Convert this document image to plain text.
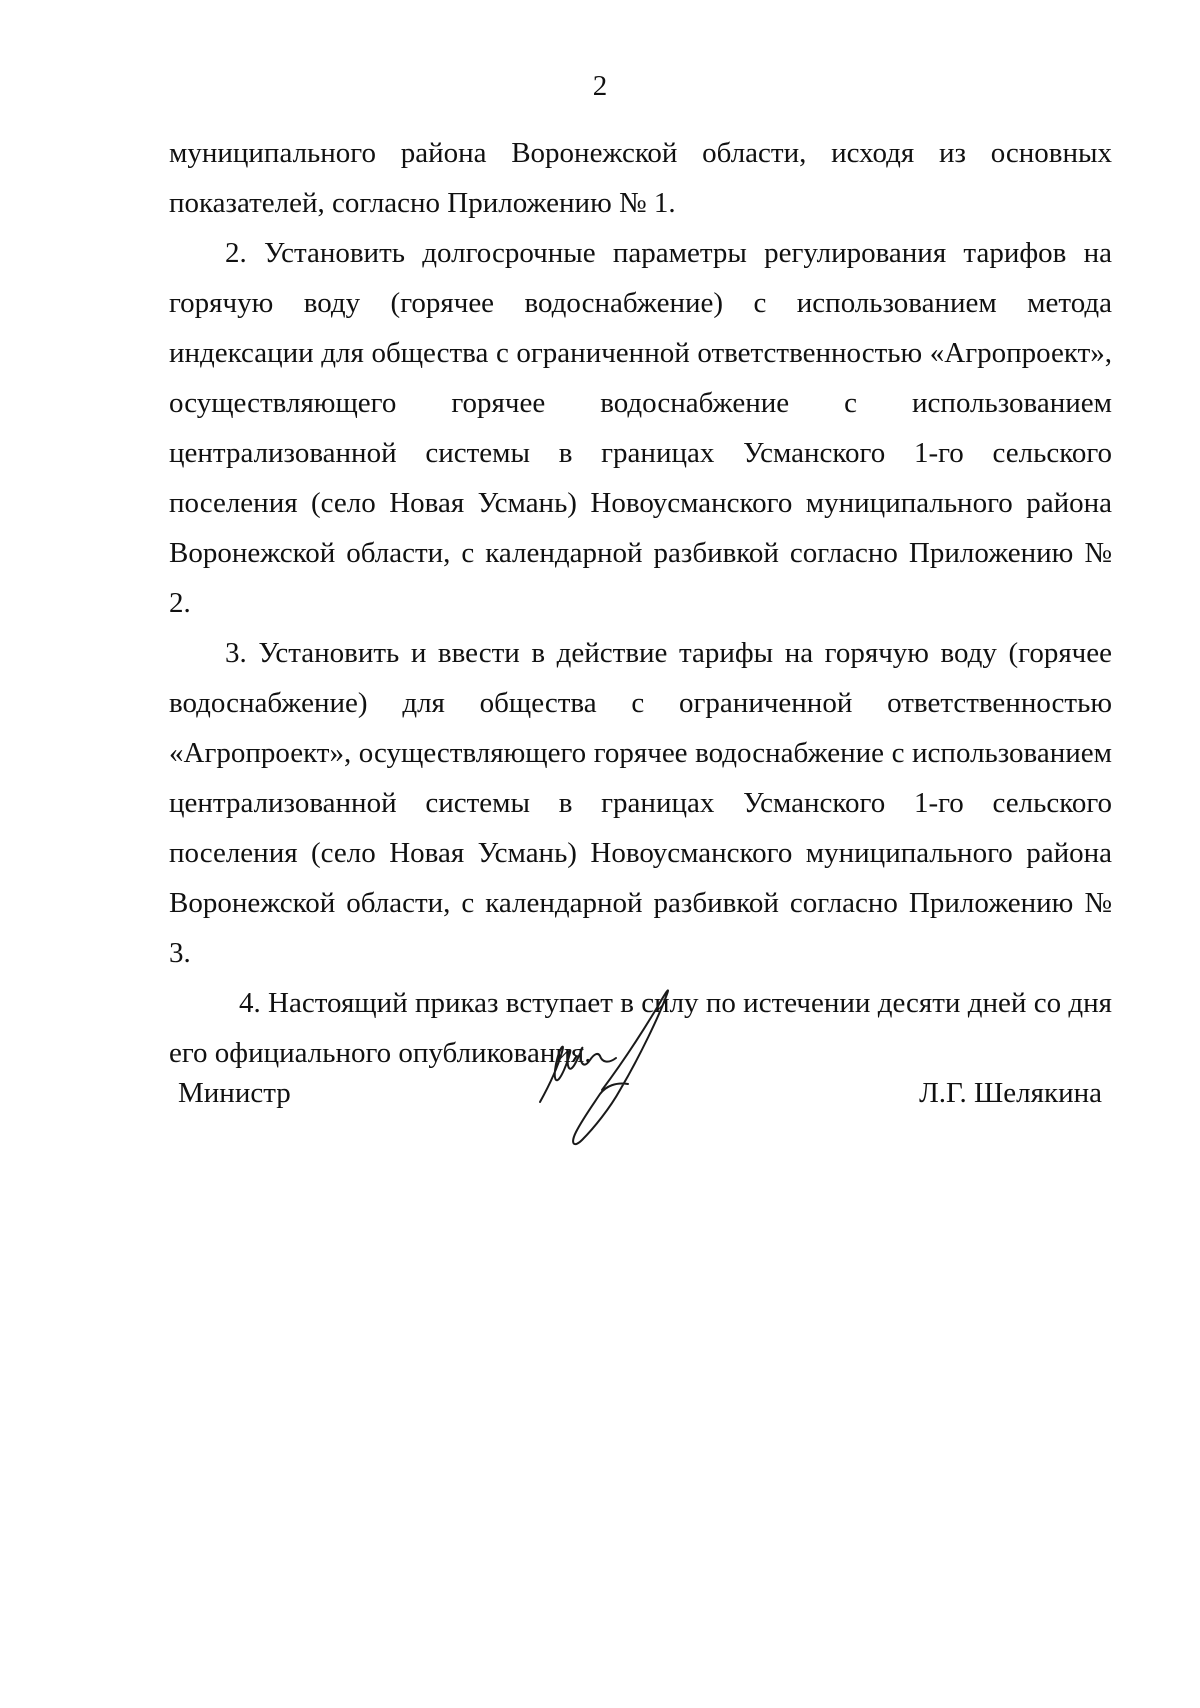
2

муниципального района Воронежской области, исходя из основных показателей, согласно Приложению № 1.

2. Установить долгосрочные параметры регулирования тарифов на горячую воду (горячее водоснабжение) с использованием метода индексации для общества с ограниченной ответственностью «Агропроект», осуществляющего горячее водоснабжение с использованием централизованной системы в границах Усманского 1-го сельского поселения (село Новая Усмань) Новоусманского муниципального района Воронежской области, с календарной разбивкой согласно Приложению № 2.

3. Установить и ввести в действие тарифы на горячую воду (горячее водоснабжение) для общества с ограниченной ответственностью «Агропроект», осуществляющего горячее водоснабжение с использованием централизованной системы в границах Усманского 1-го сельского поселения (село Новая Усмань) Новоусманского муниципального района Воронежской области, с календарной разбивкой согласно Приложению № 3.

4. Настоящий приказ вступает в силу по истечении десяти дней со дня его официального опубликования.

Министр	Л.Г. Шелякина
